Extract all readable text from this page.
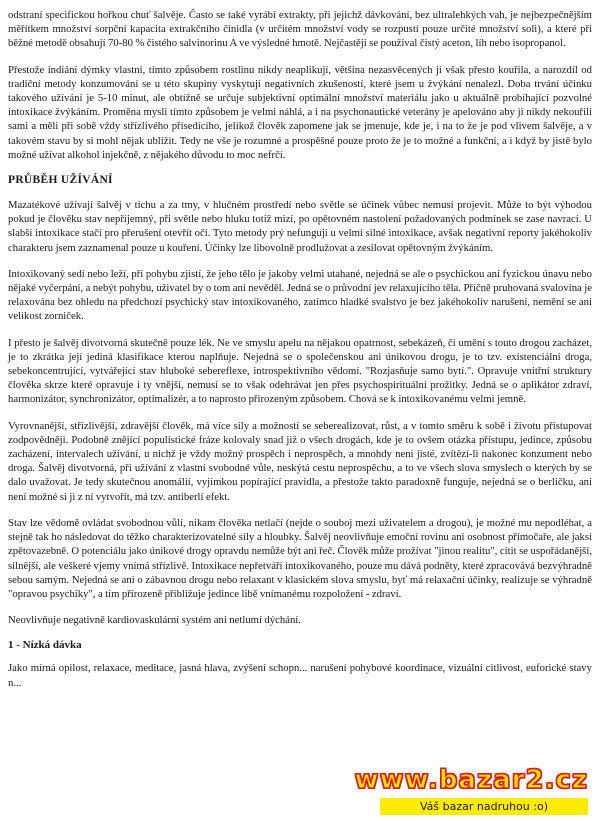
odstraní specifickou hořkou chuť šalvěje. Často se také vyrábí extrakty, při jejichž dávkování, bez ultralehkých vah, je nejbezpečnějším měřítkem množství sorpční kapacita extrakčního činidla (v určitém množství vody se rozpustí pouze určité množství soli), a které při běžné metodě obsahují 70-80 % čistého salvinorinu A ve výsledné hmotě. Nejčastěji se používal čistý aceton, líh nebo isopropanol.

Přestože indiání dýmky vlastní, tímto způsobem rostlinu nikdy neaplikují, většina nezasvěcených ji však přesto kouřila, a narozdíl od tradiční metody konzumování se u této skupiny vyskytují negativních zkušeností, které jsem u žvýkání nenalezl. Doba trvání účinku takového užívání je 5-10 minut, ale obtížně se určuje subjektivní optimální množství materiálu jako u aktuálně probíhající pozvolné intoxikace žvýkáním. Proměna mysli tímto způsobem je velmi náhlá, a i na psychonautické veterány je apelováno aby ji nikdy nekouřili sami a měli při sobě vždy střízlivého přísedícího, jelikož člověk zapomene jak se jmenuje, kde je, i na to že je pod vlivem šalvěje, a v takovém stavu by si mohl nějak ublížit. Tedy ne vše je rozumné a prospěšné pouze proto že je to možné a funkční, a i když by jistě bylo možné užívat alkohol injekčně, z nějakého důvodu to moc nefrčí.

PRŮBĚH UŽÍVÁNÍ

Mazatékové užívají šalvěj v tichu a za tmy, v hlučném prostředí nebo světle se účinek vůbec nemusí projevit. Může to být výhodou pokud je člověku stav nepříjemný, při světle nebo hluku totiž mizí, po opětovném nastolení požadovaných podmínek se zase navrací. U slabší intoxikace stačí pro přerušení otevřít oči. Tyto metody prý nefungují u velmi silné intoxikace, avšak negativní reporty jakéhokoliv charakteru jsem zaznamenal pouze u kouření. Účinky lze libovolně prodlužovat a zesilovat opětovným žvýkáním.

Intoxikovaný sedí nebo leží, při pohybu zjistí, že jeho tělo je jakoby velmi utahané, nejedná se ale o psychickou ani fyzickou únavu nebo nějaké vyčerpání, a nebýt pohybu, uživatel by o tom ani nevěděl. Jedná se o průvodní jev relaxujícího těla. Příčně pruhovaná svalovina je relaxována bez ohledu na předchozí psychický stav intoxikovaného, zatímco hladké svalstvo je bez jakéhokoliv narušení, nemění se ani velikost zorniček.

I přesto je šalvěj divotvorná skutečně pouze lék. Ne ve smyslu apelu na nějakou opatrnost, sebekázeň, či umění s touto drogou zacházet, je to zkrátka její jediná klasifikace kterou naplňuje. Nejedná se o společenskou ani únikovou drogu, je to tzv. existenciální droga, sebekoncentrující, vytvářející stav hluboké sebereflexe, introspektivního vědomí. "Rozjasňuje samo bytí.". Opravuje vnitřní struktury člověka skrze které opravuje i ty vnější, nemusí se to však odehrávat jen přes psychospirituální prožitky. Jedná se o aplikátor zdraví, harmonizátor, synchronizátor, optimalizér, a to naprosto přirozeným způsobem. Chová se k intoxikovanému velmi jemně.

Vyrovnanější, střízlivější, zdravější člověk, má více síly a možností se seberealizovat, růst, a v tomto směru k sobě i životu přistupovat zodpovědněji. Podobně znějící populistické fráze kolovaly snad již o všech drogách, kde je to ovšem otázka přístupu, jedince, způsobu zacházení, intervalech užívání, u nichž je vždy možný prospěch i neprospěch, a mnohdy není jisté, zvítězí-li nakonec konzument nebo droga. Šalvěj divotvorná, při užívání z vlastní svobodné vůle, neskýtá cestu neprospěchu, a to ve všech slova smyslech o kterých by se dalo uvažovat. Je tedy skutečnou anomálií, vyjímkou popírající pravidla, a přestože takto paradoxně funguje, nejedná se o berličku, ani není možné si ji z ní vytvořit, má tzv. antiberlí efekt.

Stav lze vědomě ovládat svobodnou vůlí, nikam člověka netlačí (nejde o souboj mezi uživatelem a drogou), je možné mu nepodléhat, a stejně tak ho následovat do těžko charakterizovatelné síly a hloubky. Šalvěj neovlivňuje emoční rovinu ani osobnost přímočaře, ale jaksi zpětovazebně. O potenciálu jako únikové drogy opravdu nemůže být ani řeč. Člověk může prožívat "jinou realitu", cítit se uspořádanější, silnější, ale veškeré vjemy vnímá střízlivě. Intoxikace nepřetváří intoxikovaného, pouze mu dává podněty, které zpracovává bezvýhradně sebou samým. Nejedná se ani o zábavnou drogu nebo relaxant v klasickém slova smyslu, byť má relaxační účinky, realizuje se výhradně "opravou psychiky", a tím přirozeně přibližuje jedince libě vnímanému rozpoložení - zdraví.

Neovlivňuje negativně kardiovaskulární systém ani netlumí dýchání.

1 - Nízká dávka

Jako mírná opilost, relaxace, meditace, jasná hlava, zvýšení schopn... narušení pohybové koordinace, vizuální citlivost, euforické stavy n...

www.bazar2.cz
Váš bazar nadruhou :o)
